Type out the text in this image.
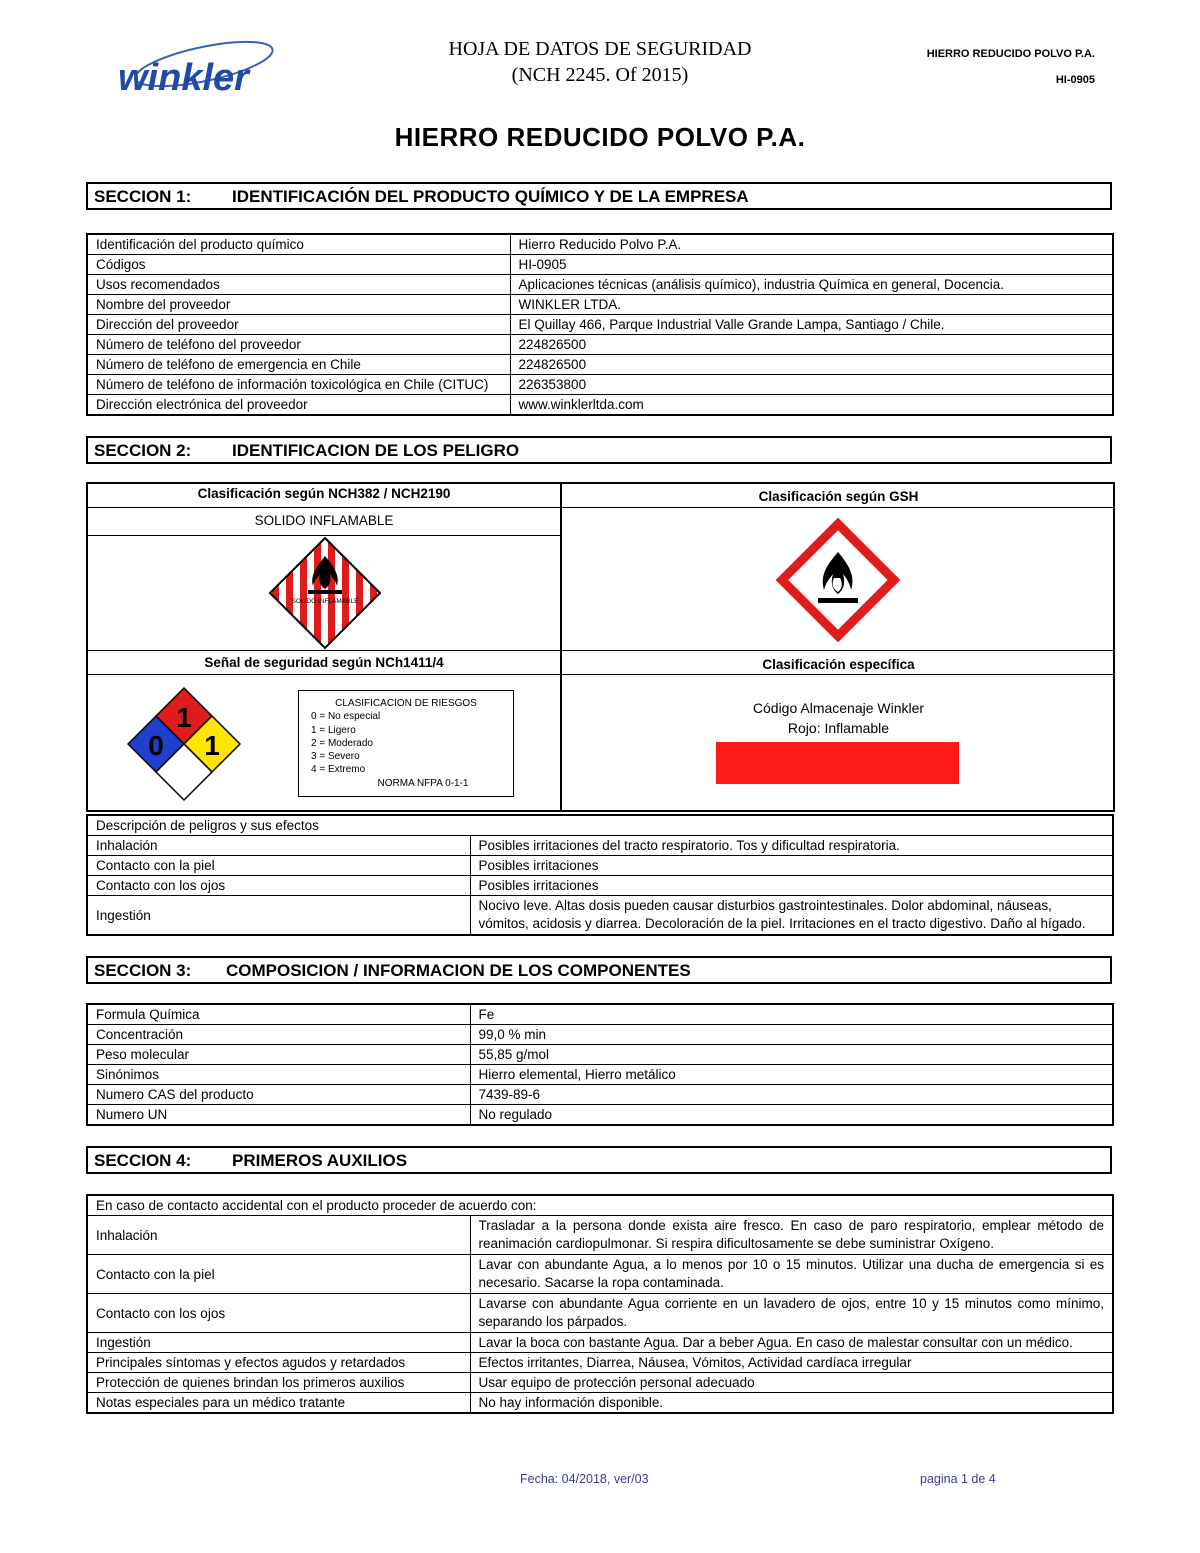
winkler
HOJA DE DATOS DE SEGURIDAD
(NCH 2245. Of 2015)
HIERRO REDUCIDO POLVO P.A.
HI-0905
HIERRO REDUCIDO POLVO P.A.
SECCION 1: IDENTIFICACIÓN DEL PRODUCTO QUÍMICO Y DE LA EMPRESA
Identificación del producto químico	Hierro Reducido Polvo P.A.
Códigos	HI-0905
Usos recomendados	Aplicaciones técnicas (análisis químico), industria Química en general, Docencia.
Nombre del proveedor	WINKLER LTDA.
Dirección del proveedor	El Quillay 466, Parque Industrial Valle Grande Lampa, Santiago / Chile.
Número de teléfono del proveedor	224826500
Número de teléfono de emergencia en Chile	224826500
Número de teléfono de información toxicológica en Chile (CITUC)	226353800
Dirección electrónica del proveedor	www.winklerltda.com
SECCION 2: IDENTIFICACION DE LOS PELIGRO
Clasificación según NCH382 / NCH2190
SOLIDO INFLAMABLE
Clasificación según GSH
Señal de seguridad según NCh1411/4	Clasificación específica
SOLIDO INFLAMABLE
1
0 1
Código Almacenaje Winkler
Rojo: Inflamable
CLASIFICACION DE RIESGOS
0 = No especial
1 = Ligero
2 = Moderado
3 = Severo
4 = Extremo
NORMA NFPA 0-1-1
Descripción de peligros y sus efectos	
Inhalación	Posibles irritaciones del tracto respiratorio. Tos y dificultad respiratoria.
Contacto con la piel	Posibles irritaciones
Contacto con los ojos	Posibles irritaciones
Ingestión	Nocivo leve. Altas dosis pueden causar disturbios gastrointestinales. Dolor abdominal, náuseas, vómitos, acidosis y diarrea. Decoloración de la piel. Irritaciones en el tracto digestivo. Daño al hígado.
SECCION 3: COMPOSICION / INFORMACION DE LOS COMPONENTES
Formula Química	Fe
Concentración	99,0 % min
Peso molecular	55,85 g/mol
Sinónimos	Hierro elemental, Hierro metálico
Numero CAS del producto	7439-89-6
Numero UN	No regulado
SECCION 4: PRIMEROS AUXILIOS
En caso de contacto accidental con el producto proceder de acuerdo con:	
Inhalación	Trasladar a la persona donde exista aire fresco. En caso de paro respiratorio, emplear método de reanimación cardiopulmonar. Si respira dificultosamente se debe suministrar Oxígeno.
Contacto con la piel	Lavar con abundante Agua, a lo menos por 10 o 15 minutos. Utilizar una ducha de emergencia si es necesario. Sacarse la ropa contaminada.
Contacto con los ojos	Lavarse con abundante Agua corriente en un lavadero de ojos, entre 10 y 15 minutos como mínimo, separando los párpados.
Ingestión	Lavar la boca con bastante Agua. Dar a beber Agua. En caso de malestar consultar con un médico.
Principales síntomas y efectos agudos y retardados	Efectos irritantes, Diarrea, Náusea, Vómitos, Actividad cardíaca irregular
Protección de quienes brindan los primeros auxilios	Usar equipo de protección personal adecuado
Notas especiales para un médico tratante	No hay información disponible.
Fecha: 04/2018, ver/03	pagina 1 de 4
